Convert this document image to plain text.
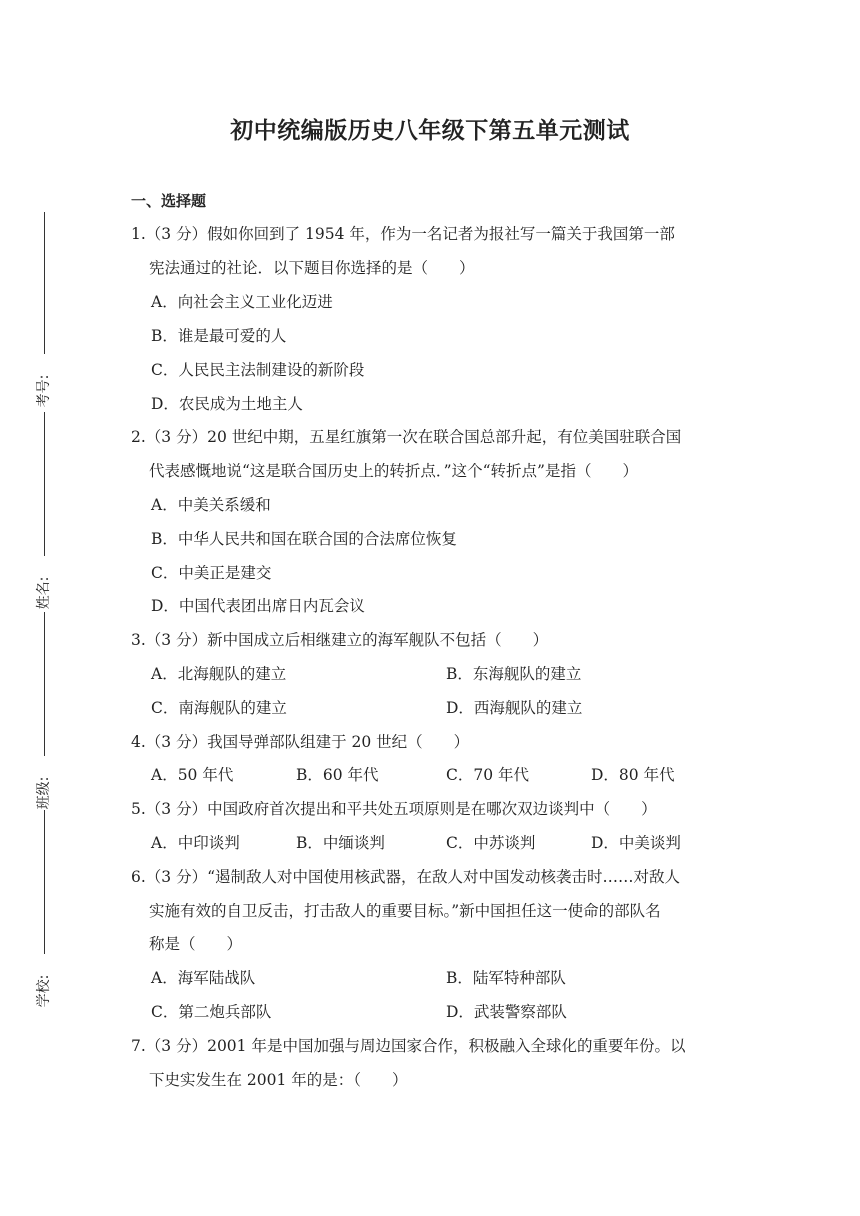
初中统编版历史八年级下第五单元测试
考号:
姓名:
班级:
学校:
一、选择题
1.（3 分）假如你回到了 1954 年，作为一名记者为报社写一篇关于我国第一部
宪法通过的社论．以下题目你选择的是（　　）
A．向社会主义工业化迈进
B．谁是最可爱的人
C．人民民主法制建设的新阶段
D．农民成为土地主人
2.（3 分）20 世纪中期，五星红旗第一次在联合国总部升起，有位美国驻联合国
代表感慨地说“这是联合国历史上的转折点．”这个“转折点”是指（　　）
A．中美关系缓和
B．中华人民共和国在联合国的合法席位恢复
C．中美正是建交
D．中国代表团出席日内瓦会议
3.（3 分）新中国成立后相继建立的海军舰队不包括（　　）
A．北海舰队的建立	B．东海舰队的建立
C．南海舰队的建立	D．西海舰队的建立
4.（3 分）我国导弹部队组建于 20 世纪（　　）
A．50 年代	B．60 年代	C．70 年代	D．80 年代
5.（3 分）中国政府首次提出和平共处五项原则是在哪次双边谈判中（　　）
A．中印谈判	B．中缅谈判	C．中苏谈判	D．中美谈判
6.（3 分）“遏制敌人对中国使用核武器，在敌人对中国发动核袭击时……对敌人
实施有效的自卫反击，打击敌人的重要目标。”新中国担任这一使命的部队名
称是（　　）
A．海军陆战队	B．陆军特种部队
C．第二炮兵部队	D．武装警察部队
7.（3 分）2001 年是中国加强与周边国家合作，积极融入全球化的重要年份。以
下史实发生在 2001 年的是：（　　）
